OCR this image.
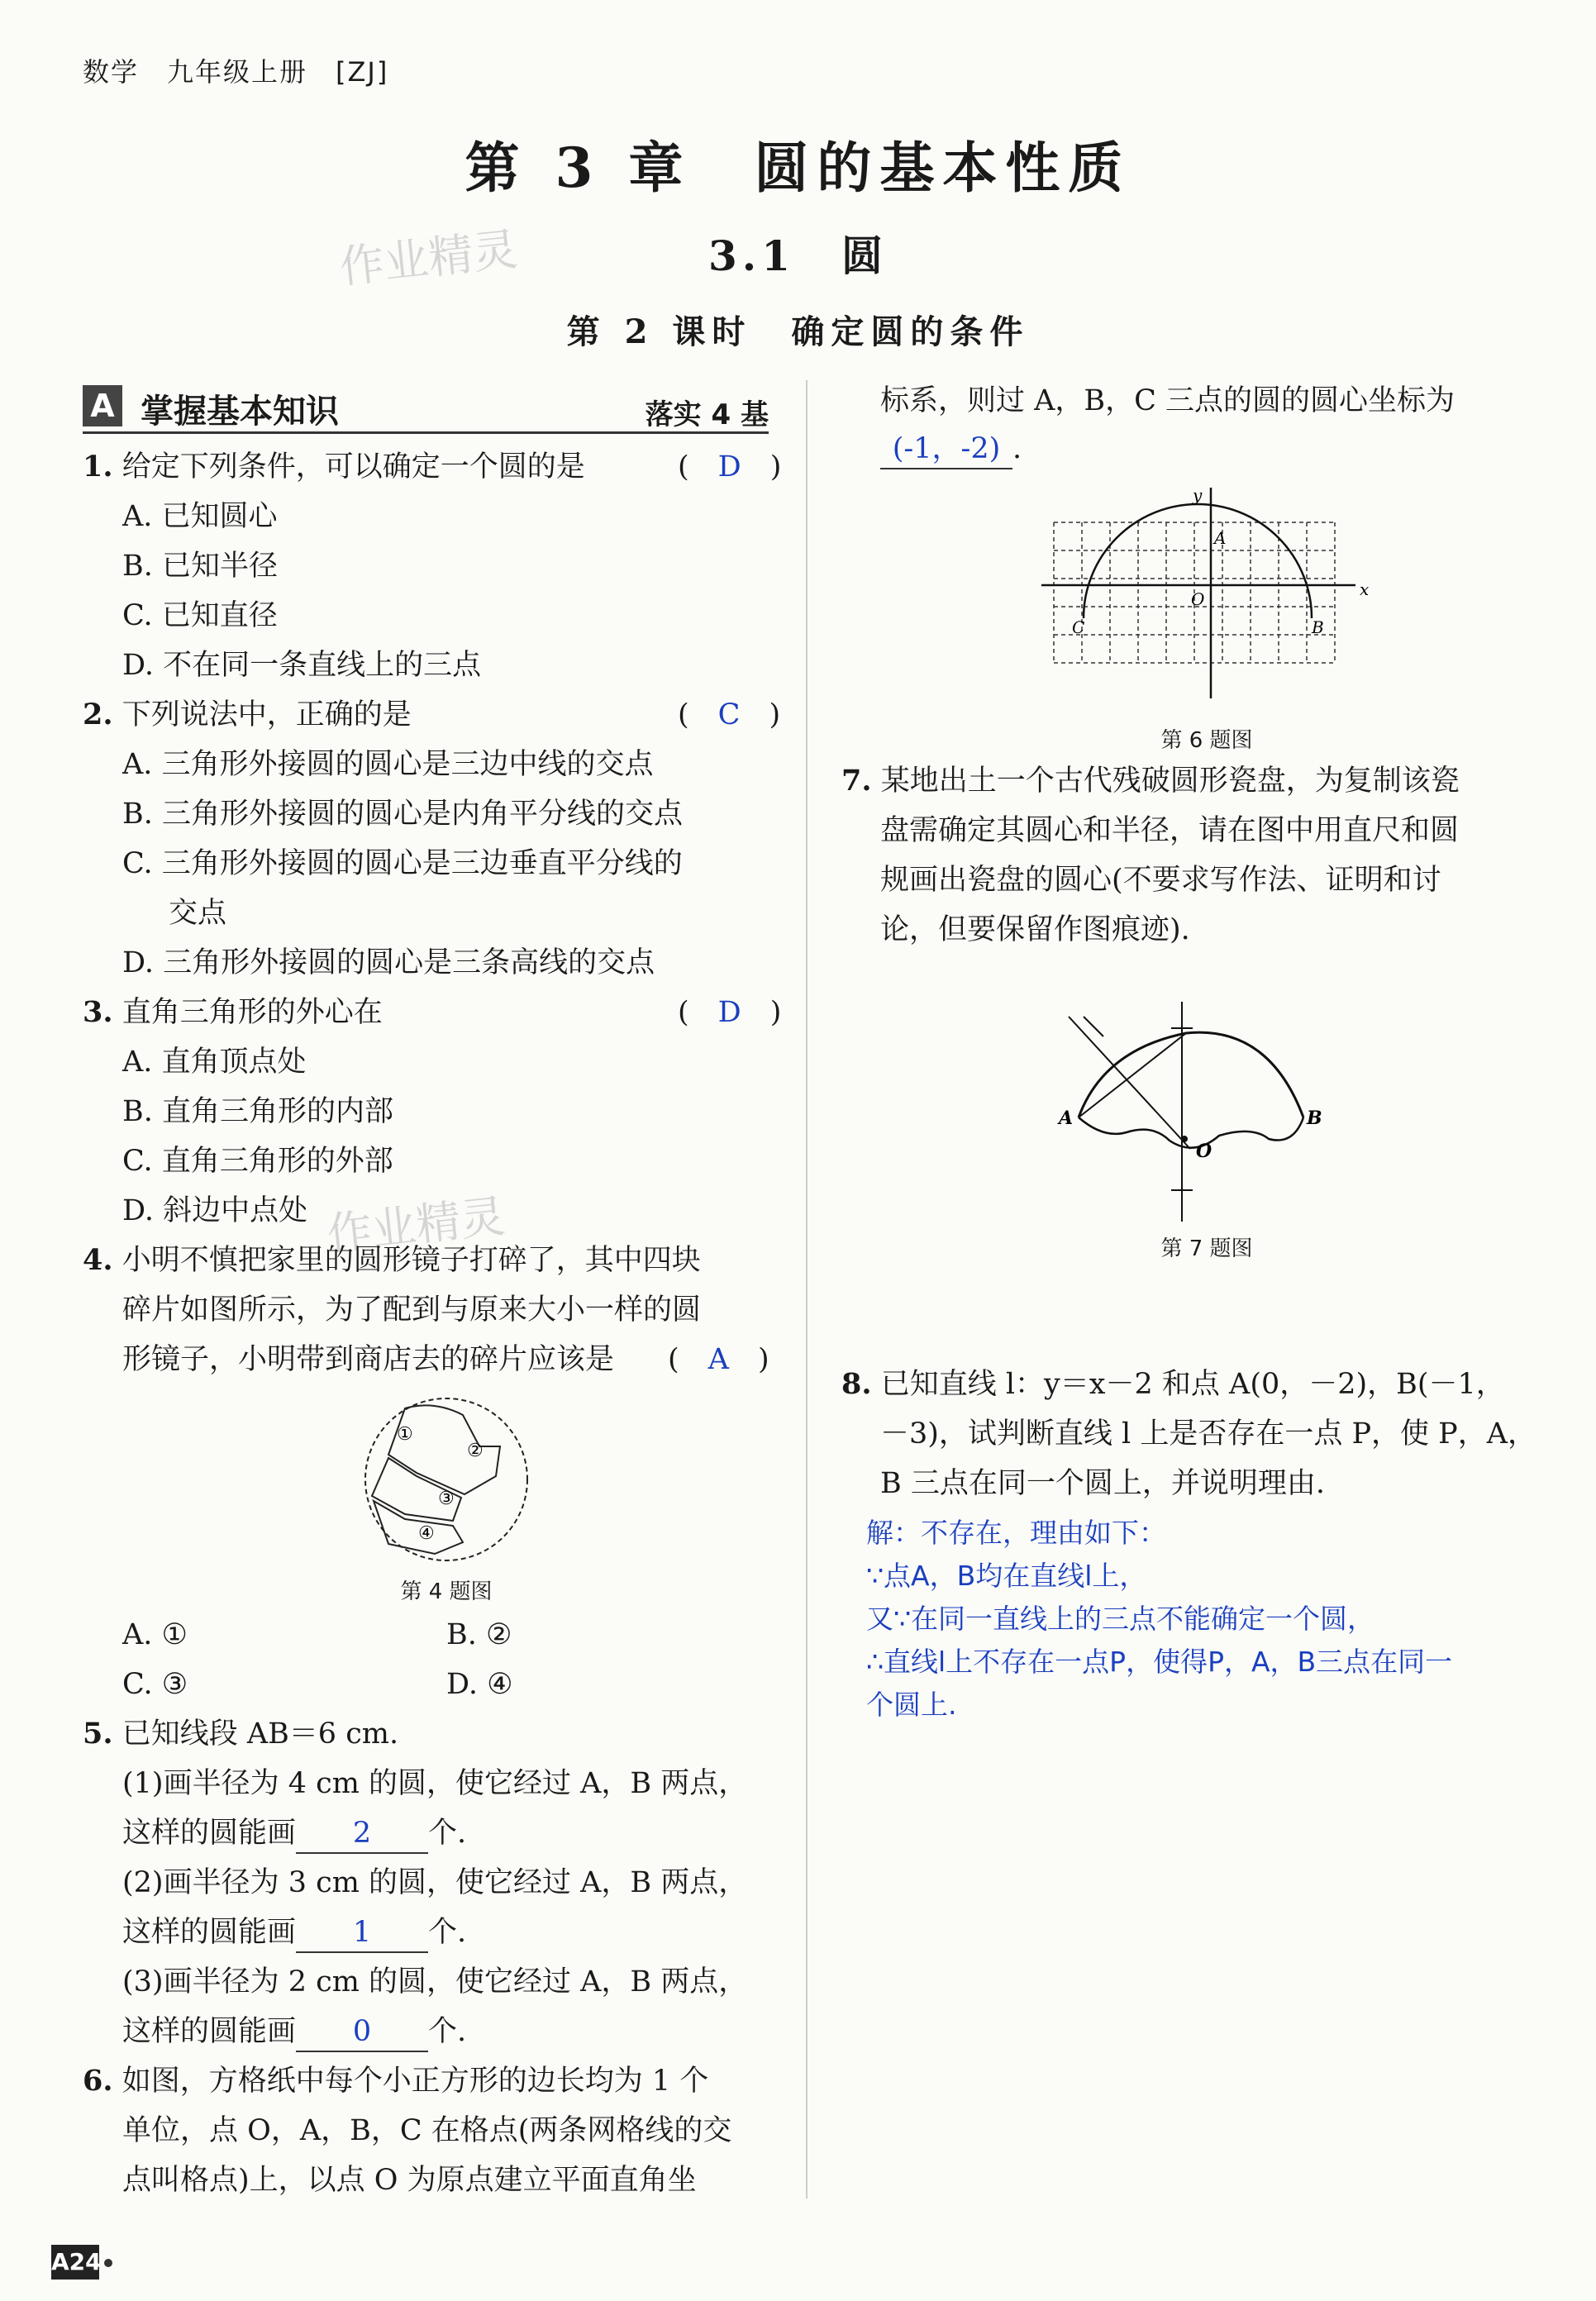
数学　九年级上册　[ZJ]
第 3 章　圆的基本性质
3.1　圆
第 2 课时　确定圆的条件
作业精灵
作业精灵
A 掌握基本知识	落实 4 基
1. 给定下列条件，可以确定一个圆的是	(　D　)
A. 已知圆心
B. 已知半径
C. 已知直径
D. 不在同一条直线上的三点
2. 下列说法中，正确的是	(　C　)
A. 三角形外接圆的圆心是三边中线的交点
B. 三角形外接圆的圆心是内角平分线的交点
C. 三角形外接圆的圆心是三边垂直平分线的
交点
D. 三角形外接圆的圆心是三条高线的交点
3. 直角三角形的外心在	(　D　)
A. 直角顶点处
B. 直角三角形的内部
C. 直角三角形的外部
D. 斜边中点处
4. 小明不慎把家里的圆形镜子打碎了，其中四块
碎片如图所示，为了配到与原来大小一样的圆
形镜子，小明带到商店去的碎片应该是 (　A　)
①
②
③
④
第 4 题图
A. ①	B. ②
C. ③	D. ④
5. 已知线段 AB＝6 cm.
(1)画半径为 4 cm 的圆，使它经过 A，B 两点，
这样的圆能画 2 个.
(2)画半径为 3 cm 的圆，使它经过 A，B 两点，
这样的圆能画 1 个.
(3)画半径为 2 cm 的圆，使它经过 A，B 两点，
这样的圆能画 0 个.
6. 如图，方格纸中每个小正方形的边长均为 1 个
单位，点 O，A，B，C 在格点(两条网格线的交
点叫格点)上，以点 O 为原点建立平面直角坐
标系，则过 A，B，C 三点的圆的圆心坐标为
(-1，-2) .
x
y
O
A
B
C
第 6 题图
7. 某地出土一个古代残破圆形瓷盘，为复制该瓷
盘需确定其圆心和半径，请在图中用直尺和圆
规画出瓷盘的圆心(不要求写作法、证明和讨
论，但要保留作图痕迹).
A	B
O
第 7 题图
8. 已知直线 l：y＝x－2 和点 A(0，－2)，B(－1，
－3)，试判断直线 l 上是否存在一点 P，使 P，A，
B 三点在同一个圆上，并说明理由.
解：不存在，理由如下：
∵点A，B均在直线l上，
又∵在同一直线上的三点不能确定一个圆，
∴直线l上不存在一点P，使得P，A，B三点在同一
个圆上.
A24
